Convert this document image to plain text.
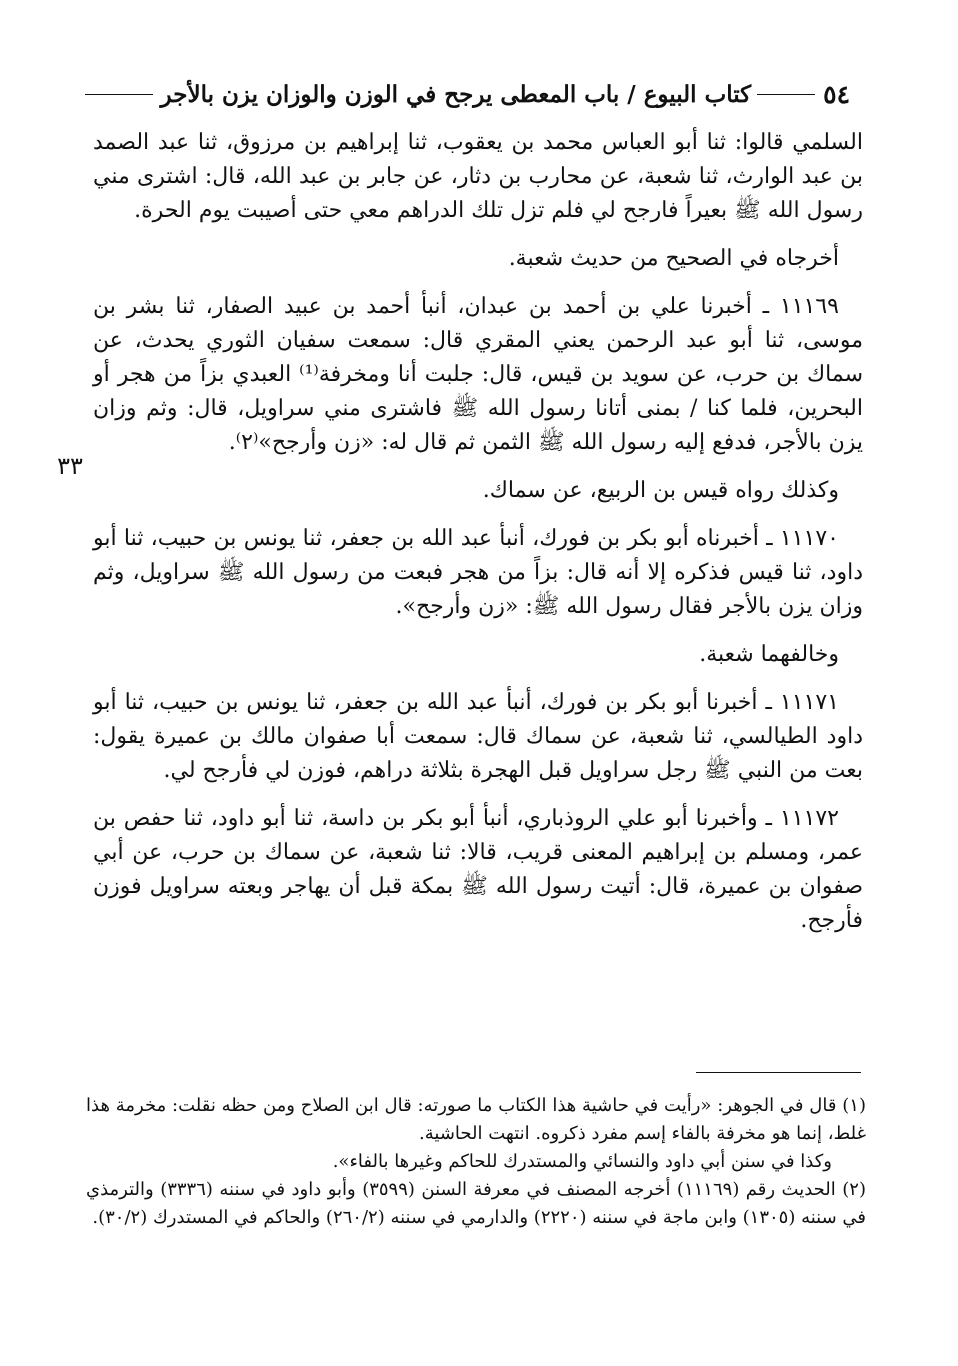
٥٤
كتاب البيوع / باب المعطى يرجح في الوزن والوزان يزن بالأجر
٣٣

السلمي قالوا: ثنا أبو العباس محمد بن يعقوب، ثنا إبراهيم بن مرزوق، ثنا عبد الصمد بن عبد الوارث، ثنا شعبة، عن محارب بن دثار، عن جابر بن عبد الله، قال: اشترى مني رسول الله ﷺ بعيراً فارجح لي فلم تزل تلك الدراهم معي حتى أصيبت يوم الحرة.

أخرجاه في الصحيح من حديث شعبة.

١١١٦٩ ـ أخبرنا علي بن أحمد بن عبدان، أنبأ أحمد بن عبيد الصفار، ثنا بشر بن موسى، ثنا أبو عبد الرحمن يعني المقري قال: سمعت سفيان الثوري يحدث، عن سماك بن حرب، عن سويد بن قيس، قال: جلبت أنا ومخرفة⁽¹⁾ العبدي بزاً من هجر أو البحرين، فلما كنا / بمنى أتانا رسول الله ﷺ فاشترى مني سراويل، قال: وثم وزان يزن بالأجر، فدفع إليه رسول الله ﷺ الثمن ثم قال له: «زن وأرجح»⁽٢⁾.

وكذلك رواه قيس بن الربيع، عن سماك.

١١١٧٠ ـ أخبرناه أبو بكر بن فورك، أنبأ عبد الله بن جعفر، ثنا يونس بن حبيب، ثنا أبو داود، ثنا قيس فذكره إلا أنه قال: بزاً من هجر فبعت من رسول الله ﷺ سراويل، وثم وزان يزن بالأجر فقال رسول الله ﷺ: «زن وأرجح».

وخالفهما شعبة.

١١١٧١ ـ أخبرنا أبو بكر بن فورك، أنبأ عبد الله بن جعفر، ثنا يونس بن حبيب، ثنا أبو داود الطيالسي، ثنا شعبة، عن سماك قال: سمعت أبا صفوان مالك بن عميرة يقول: بعت من النبي ﷺ رجل سراويل قبل الهجرة بثلاثة دراهم، فوزن لي فأرجح لي.

١١١٧٢ ـ وأخبرنا أبو علي الروذباري، أنبأ أبو بكر بن داسة، ثنا أبو داود، ثنا حفص بن عمر، ومسلم بن إبراهيم المعنى قريب، قالا: ثنا شعبة، عن سماك بن حرب، عن أبي صفوان بن عميرة، قال: أتيت رسول الله ﷺ بمكة قبل أن يهاجر وبعته سراويل فوزن فأرجح.

(١) قال في الجوهر: «رأيت في حاشية هذا الكتاب ما صورته: قال ابن الصلاح ومن حظه نقلت: مخرمة هذا غلط، إنما هو مخرفة بالفاء إسم مفرد ذكروه. انتهت الحاشية.

وكذا في سنن أبي داود والنسائي والمستدرك للحاكم وغيرها بالفاء».

(٢) الحديث رقم (١١١٦٩) أخرجه المصنف في معرفة السنن (٣٥٩٩) وأبو داود في سننه (٣٣٣٦) والترمذي في سننه (١٣٠٥) وابن ماجة في سننه (٢٢٢٠) والدارمي في سننه (٢٦٠/٢) والحاكم في المستدرك (٣٠/٢).
